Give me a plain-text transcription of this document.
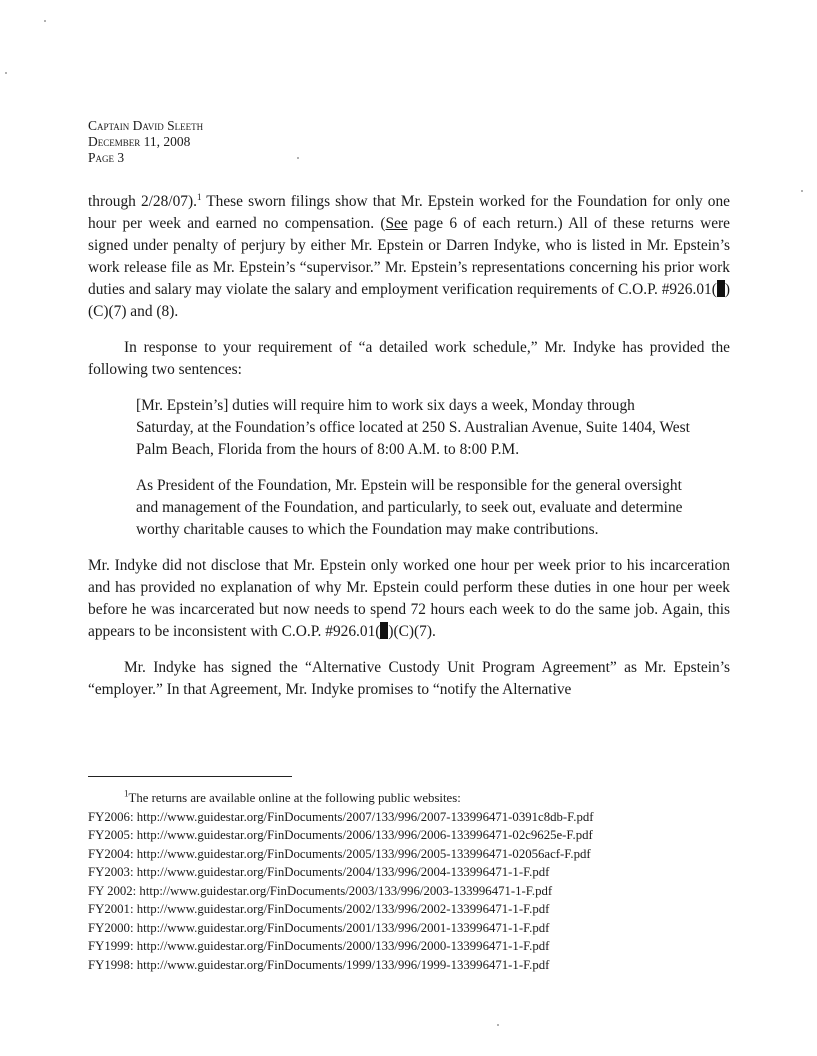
Captain David Sleeth
December 11, 2008
Page 3

through 2/28/07).$^1$ These sworn filings show that Mr. Epstein worked for the Foundation for only one hour per week and earned no compensation. (See page 6 of each return.) All of these returns were signed under penalty of perjury by either Mr. Epstein or Darren Indyke, who is listed in Mr. Epstein’s work release file as Mr. Epstein’s “supervisor.” Mr. Epstein’s representations concerning his prior work duties and salary may violate the salary and employment verification requirements of C.O.P. #926.01( )(C)(7) and (8).

In response to your requirement of “a detailed work schedule,” Mr. Indyke has provided the following two sentences:

[Mr. Epstein’s] duties will require him to work six days a week, Monday through Saturday, at the Foundation’s office located at 250 S. Australian Avenue, Suite 1404, West Palm Beach, Florida from the hours of 8:00 A.M. to 8:00 P.M.

As President of the Foundation, Mr. Epstein will be responsible for the general oversight and management of the Foundation, and particularly, to seek out, evaluate and determine worthy charitable causes to which the Foundation may make contributions.

Mr. Indyke did not disclose that Mr. Epstein only worked one hour per week prior to his incarceration and has provided no explanation of why Mr. Epstein could perform these duties in one hour per week before he was incarcerated but now needs to spend 72 hours each week to do the same job. Again, this appears to be inconsistent with C.O.P. #926.01( )(C)(7).

Mr. Indyke has signed the “Alternative Custody Unit Program Agreement” as Mr. Epstein’s “employer.” In that Agreement, Mr. Indyke promises to “notify the Alternative

$^1$The returns are available online at the following public websites:
FY2006: http://www.guidestar.org/FinDocuments/2007/133/996/2007-133996471-0391c8db-F.pdf
FY2005: http://www.guidestar.org/FinDocuments/2006/133/996/2006-133996471-02c9625e-F.pdf
FY2004: http://www.guidestar.org/FinDocuments/2005/133/996/2005-133996471-02056acf-F.pdf
FY2003: http://www.guidestar.org/FinDocuments/2004/133/996/2004-133996471-1-F.pdf
FY 2002: http://www.guidestar.org/FinDocuments/2003/133/996/2003-133996471-1-F.pdf
FY2001: http://www.guidestar.org/FinDocuments/2002/133/996/2002-133996471-1-F.pdf
FY2000: http://www.guidestar.org/FinDocuments/2001/133/996/2001-133996471-1-F.pdf
FY1999: http://www.guidestar.org/FinDocuments/2000/133/996/2000-133996471-1-F.pdf
FY1998: http://www.guidestar.org/FinDocuments/1999/133/996/1999-133996471-1-F.pdf
